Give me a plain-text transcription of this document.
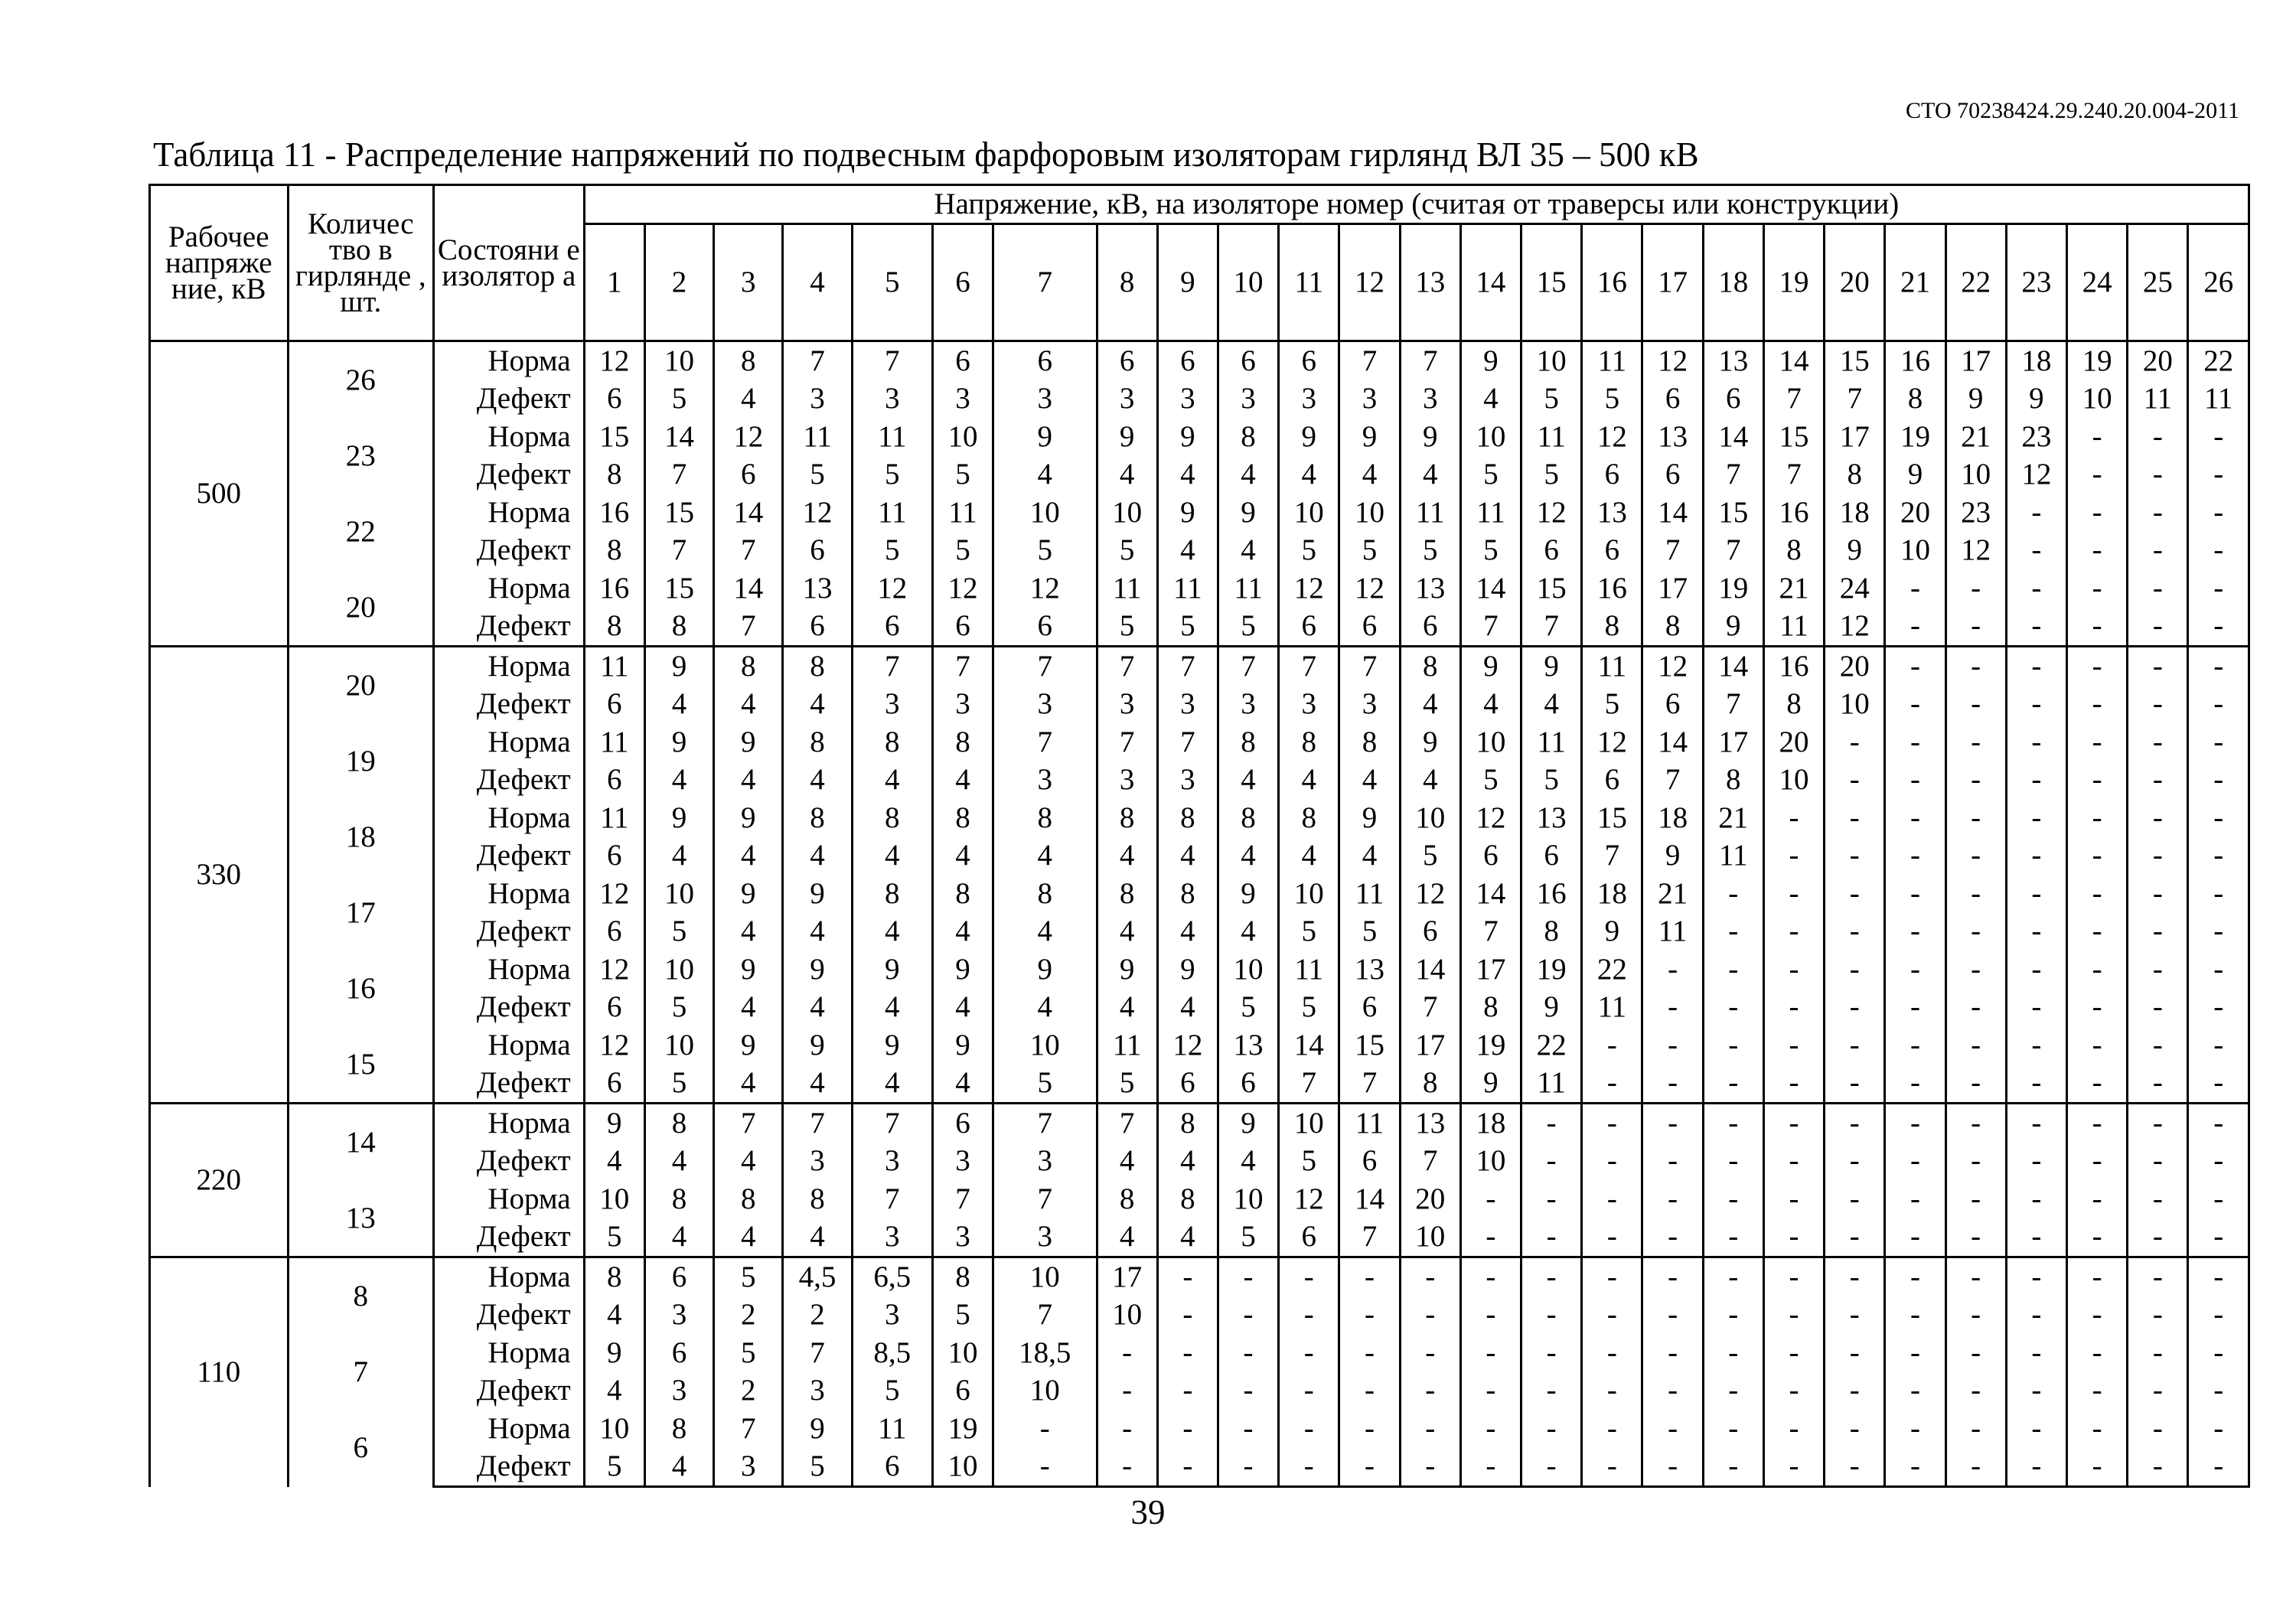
СТО 70238424.29.240.20.004-2011
Таблица 11 - Распределение напряжений по подвесным фарфоровым изоляторам гирлянд ВЛ 35 – 500 кВ
Рабочее напряже ние, кВ	Количес тво в гирлянде , шт.	Состояни е изолятор а	Напряжение, кВ, на изоляторе номер (считая от траверсы или конструкции)																									
			1	2	3	4	5	6	7	8	9	10	11	12	13	14	15	16	17	18	19	20	21	22	23	24	25	26
500	26	Норма	12	10	8	7	7	6	6	6	6	6	6	7	7	9	10	11	12	13	14	15	16	17	18	19	20	22
		Дефект	6	5	4	3	3	3	3	3	3	3	3	3	3	4	5	5	6	6	7	7	8	9	9	10	11	11
	23	Норма	15	14	12	11	11	10	9	9	9	8	9	9	9	10	11	12	13	14	15	17	19	21	23	-	-	-
		Дефект	8	7	6	5	5	5	4	4	4	4	4	4	4	5	5	6	6	7	7	8	9	10	12	-	-	-
	22	Норма	16	15	14	12	11	11	10	10	9	9	10	10	11	11	12	13	14	15	16	18	20	23	-	-	-	-
		Дефект	8	7	7	6	5	5	5	5	4	4	5	5	5	5	6	6	7	7	8	9	10	12	-	-	-	-
	20	Норма	16	15	14	13	12	12	12	11	11	11	12	12	13	14	15	16	17	19	21	24	-	-	-	-	-	-
		Дефект	8	8	7	6	6	6	6	5	5	5	6	6	6	7	7	8	8	9	11	12	-	-	-	-	-	-
330	20	Норма	11	9	8	8	7	7	7	7	7	7	7	7	8	9	9	11	12	14	16	20	-	-	-	-	-	-
		Дефект	6	4	4	4	3	3	3	3	3	3	3	3	4	4	4	5	6	7	8	10	-	-	-	-	-	-
	19	Норма	11	9	9	8	8	8	7	7	7	8	8	8	9	10	11	12	14	17	20	-	-	-	-	-	-	-
		Дефект	6	4	4	4	4	4	3	3	3	4	4	4	4	5	5	6	7	8	10	-	-	-	-	-	-	-
	18	Норма	11	9	9	8	8	8	8	8	8	8	8	9	10	12	13	15	18	21	-	-	-	-	-	-	-	-
		Дефект	6	4	4	4	4	4	4	4	4	4	4	4	5	6	6	7	9	11	-	-	-	-	-	-	-	-
	17	Норма	12	10	9	9	8	8	8	8	8	9	10	11	12	14	16	18	21	-	-	-	-	-	-	-	-	-
		Дефект	6	5	4	4	4	4	4	4	4	4	5	5	6	7	8	9	11	-	-	-	-	-	-	-	-	-
	16	Норма	12	10	9	9	9	9	9	9	9	10	11	13	14	17	19	22	-	-	-	-	-	-	-	-	-	-
		Дефект	6	5	4	4	4	4	4	4	4	5	5	6	7	8	9	11	-	-	-	-	-	-	-	-	-	-
	15	Норма	12	10	9	9	9	9	10	11	12	13	14	15	17	19	22	-	-	-	-	-	-	-	-	-	-	-
		Дефект	6	5	4	4	4	4	5	5	6	6	7	7	8	9	11	-	-	-	-	-	-	-	-	-	-	-
220	14	Норма	9	8	7	7	7	6	7	7	8	9	10	11	13	18	-	-	-	-	-	-	-	-	-	-	-	-
		Дефект	4	4	4	3	3	3	3	4	4	4	5	6	7	10	-	-	-	-	-	-	-	-	-	-	-	-
	13	Норма	10	8	8	8	7	7	7	8	8	10	12	14	20	-	-	-	-	-	-	-	-	-	-	-	-	-
		Дефект	5	4	4	4	3	3	3	4	4	5	6	7	10	-	-	-	-	-	-	-	-	-	-	-	-	-
110	8	Норма	8	6	5	4,5	6,5	8	10	17	-	-	-	-	-	-	-	-	-	-	-	-	-	-	-	-	-	-
		Дефект	4	3	2	2	3	5	7	10	-	-	-	-	-	-	-	-	-	-	-	-	-	-	-	-	-	-
	7	Норма	9	6	5	7	8,5	10	18,5	-	-	-	-	-	-	-	-	-	-	-	-	-	-	-	-	-	-	-
		Дефект	4	3	2	3	5	6	10	-	-	-	-	-	-	-	-	-	-	-	-	-	-	-	-	-	-	-
	6	Норма	10	8	7	9	11	19	-	-	-	-	-	-	-	-	-	-	-	-	-	-	-	-	-	-	-	-
		Дефект	5	4	3	5	6	10	-	-	-	-	-	-	-	-	-	-	-	-	-	-	-	-	-	-	-	-
39
